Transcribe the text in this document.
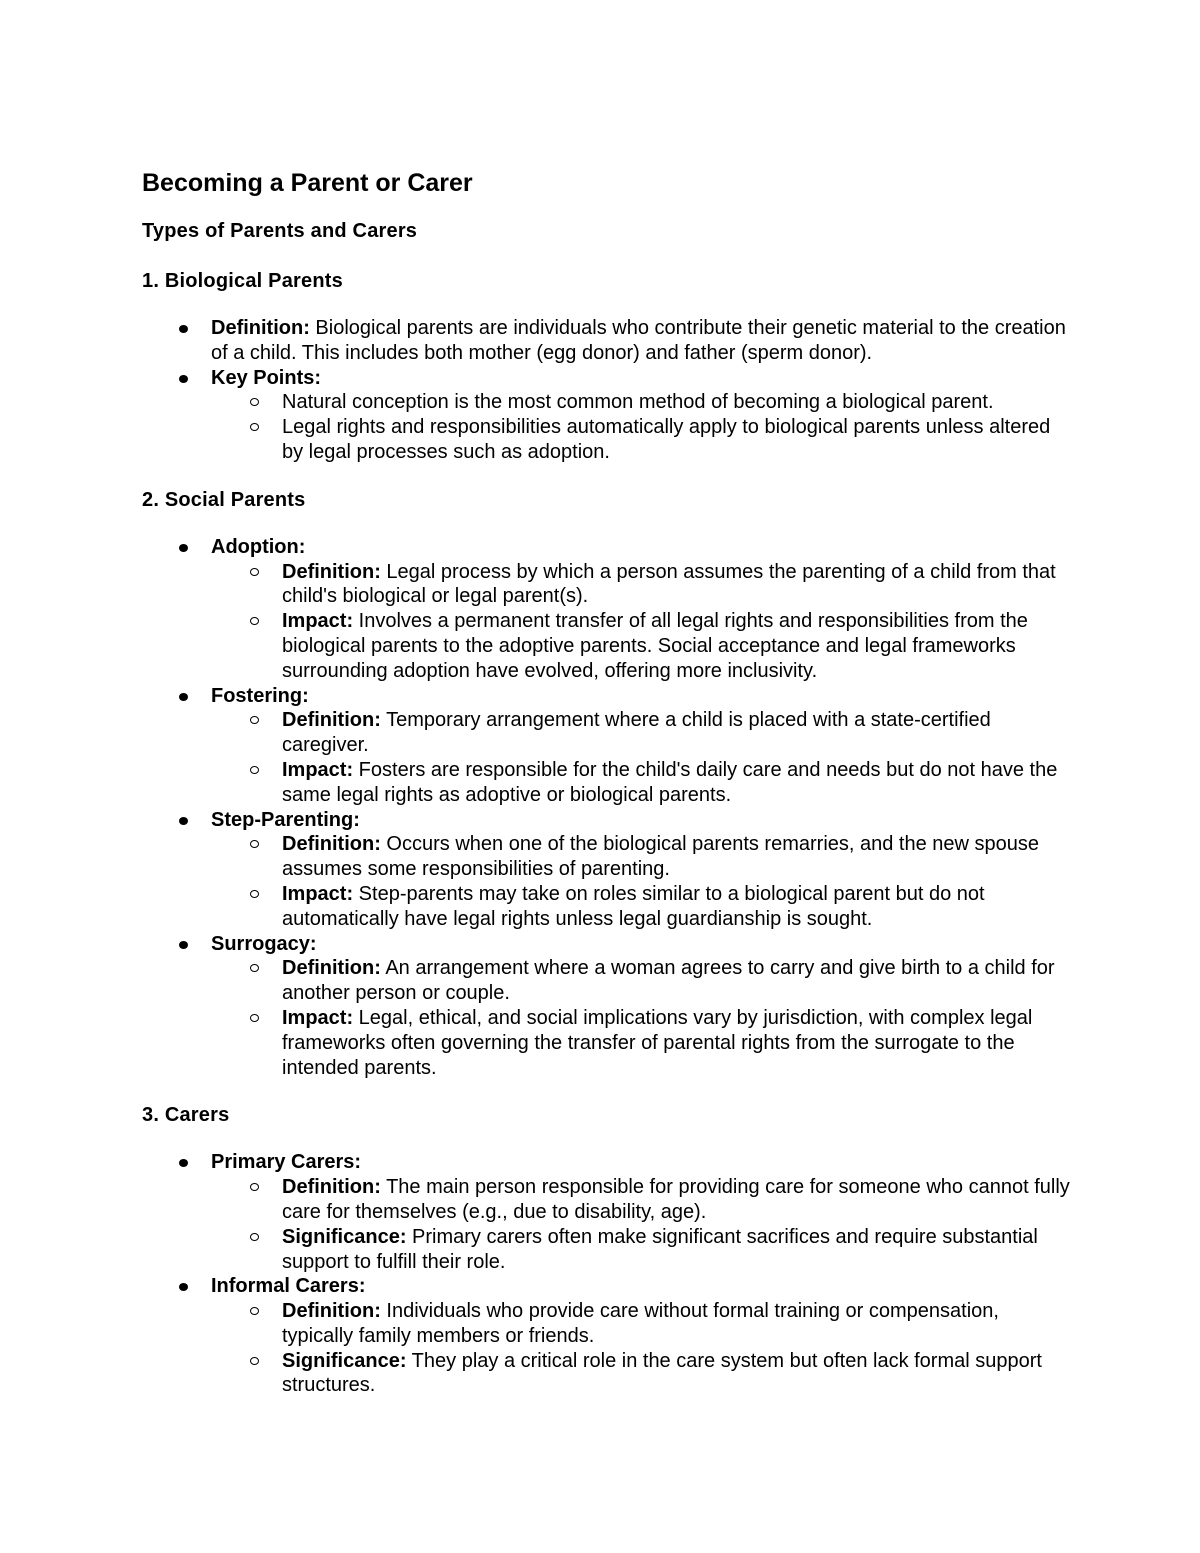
Becoming a Parent or Carer
Types of Parents and Carers
1. Biological Parents
Definition: Biological parents are individuals who contribute their genetic material to the creation of a child. This includes both mother (egg donor) and father (sperm donor).
Key Points:
Natural conception is the most common method of becoming a biological parent.
Legal rights and responsibilities automatically apply to biological parents unless altered by legal processes such as adoption.
2. Social Parents
Adoption:
Definition: Legal process by which a person assumes the parenting of a child from that child's biological or legal parent(s).
Impact: Involves a permanent transfer of all legal rights and responsibilities from the biological parents to the adoptive parents. Social acceptance and legal frameworks surrounding adoption have evolved, offering more inclusivity.
Fostering:
Definition: Temporary arrangement where a child is placed with a state-certified caregiver.
Impact: Fosters are responsible for the child's daily care and needs but do not have the same legal rights as adoptive or biological parents.
Step-Parenting:
Definition: Occurs when one of the biological parents remarries, and the new spouse assumes some responsibilities of parenting.
Impact: Step-parents may take on roles similar to a biological parent but do not automatically have legal rights unless legal guardianship is sought.
Surrogacy:
Definition: An arrangement where a woman agrees to carry and give birth to a child for another person or couple.
Impact: Legal, ethical, and social implications vary by jurisdiction, with complex legal frameworks often governing the transfer of parental rights from the surrogate to the intended parents.
3. Carers
Primary Carers:
Definition: The main person responsible for providing care for someone who cannot fully care for themselves (e.g., due to disability, age).
Significance: Primary carers often make significant sacrifices and require substantial support to fulfill their role.
Informal Carers:
Definition: Individuals who provide care without formal training or compensation, typically family members or friends.
Significance: They play a critical role in the care system but often lack formal support structures.
